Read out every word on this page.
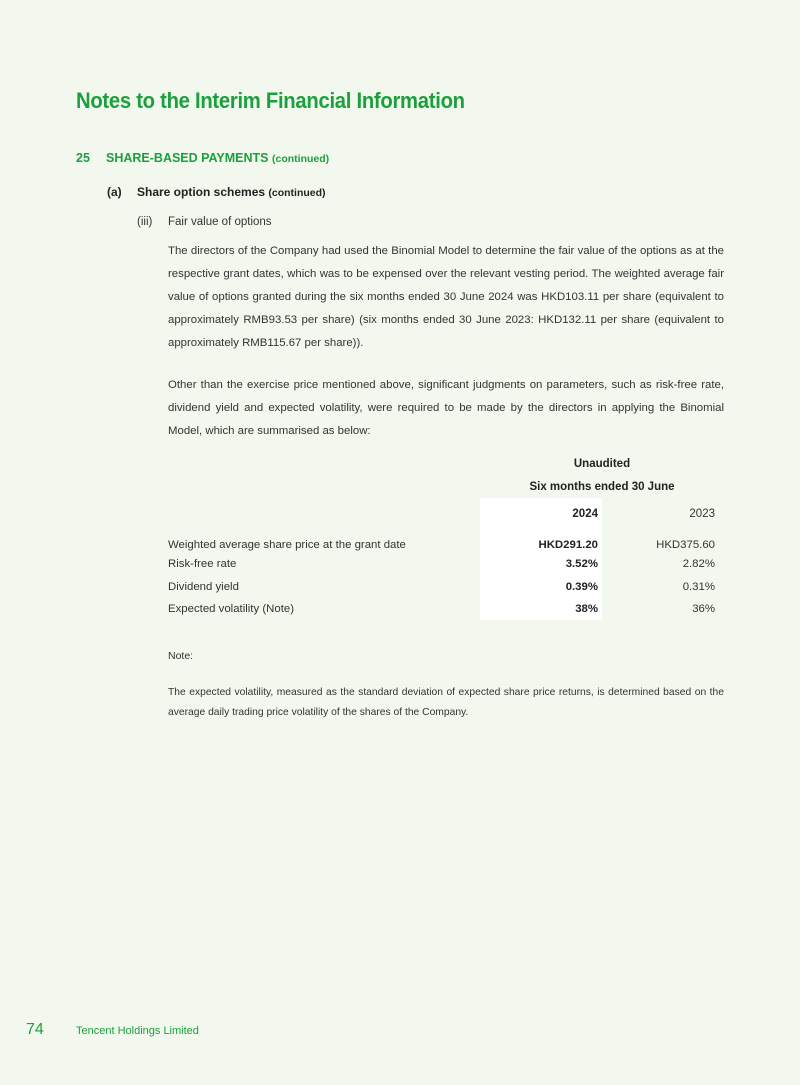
Notes to the Interim Financial Information
25 SHARE-BASED PAYMENTS (continued)
(a) Share option schemes (continued)
(iii) Fair value of options

The directors of the Company had used the Binomial Model to determine the fair value of the options as at the respective grant dates, which was to be expensed over the relevant vesting period. The weighted average fair value of options granted during the six months ended 30 June 2024 was HKD103.11 per share (equivalent to approximately RMB93.53 per share) (six months ended 30 June 2023: HKD132.11 per share (equivalent to approximately RMB115.67 per share)).

Other than the exercise price mentioned above, significant judgments on parameters, such as risk-free rate, dividend yield and expected volatility, were required to be made by the directors in applying the Binomial Model, which are summarised as below:

Unaudited
Six months ended 30 June
2024	2023
Weighted average share price at the grant date	HKD291.20	HKD375.60
Risk-free rate	3.52%	2.82%
Dividend yield	0.39%	0.31%
Expected volatility (Note)	38%	36%
Note:

The expected volatility, measured as the standard deviation of expected share price returns, is determined based on the average daily trading price volatility of the shares of the Company.

74	Tencent Holdings Limited
